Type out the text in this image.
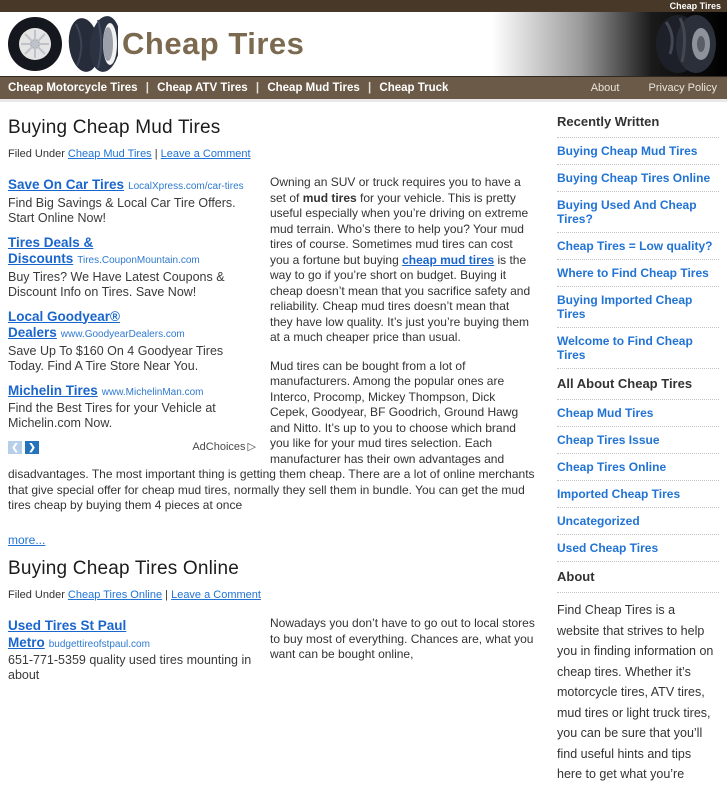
Cheap Tires
Cheap Tires
Cheap Motorcycle Tires | Cheap ATV Tires | Cheap Mud Tires | Cheap Truck	About	Privacy Policy
Buying Cheap Mud Tires
Filed Under Cheap Mud Tires | Leave a Comment
Save On Car Tires LocalXpress.com/car-tires
Find Big Savings & Local Car Tire Offers. Start Online Now!
Tires Deals & Discounts Tires.CouponMountain.com
Buy Tires? We Have Latest Coupons & Discount Info on Tires. Save Now!
Local Goodyear® Dealers www.GoodyearDealers.com
Save Up To $160 On 4 Goodyear Tires Today. Find A Tire Store Near You.
Michelin Tires www.MichelinMan.com
Find the Best Tires for your Vehicle at Michelin.com Now.
❮	❯	AdChoices ▷

Owning an SUV or truck requires you to have a set of mud tires for your vehicle. This is pretty useful especially when you’re driving on extreme mud terrain. Who’s there to help you? Your mud tires of course. Sometimes mud tires can cost you a fortune but buying cheap mud tires is the way to go if you’re short on budget. Buying it cheap doesn’t mean that you sacrifice safety and reliability. Cheap mud tires doesn’t mean that they have low quality. It’s just you’re buying them at a much cheaper price than usual.

Mud tires can be bought from a lot of manufacturers. Among the popular ones are Interco, Procomp, Mickey Thompson, Dick Cepek, Goodyear, BF Goodrich, Ground Hawg and Nitto. It’s up to you to choose which brand you like for your mud tires selection. Each manufacturer has their own advantages and disadvantages. The most important thing is getting them cheap. There are a lot of online merchants that give special offer for cheap mud tires, normally they sell them in bundle. You can get the mud tires cheap by buying them 4 pieces at once

more...
Buying Cheap Tires Online
Filed Under Cheap Tires Online | Leave a Comment
Used Tires St Paul Metro budgettireofstpaul.com
651-771-5359 quality used tires mounting in about

Nowadays you don’t have to go out to local stores to buy most of everything. Chances are, what you want can be bought online,

Recently Written
Buying Cheap Mud Tires
Buying Cheap Tires Online
Buying Used And Cheap Tires?
Cheap Tires = Low quality?
Where to Find Cheap Tires
Buying Imported Cheap Tires
Welcome to Find Cheap Tires
All About Cheap Tires
Cheap Mud Tires
Cheap Tires Issue
Cheap Tires Online
Imported Cheap Tires
Uncategorized
Used Cheap Tires
About

Find Cheap Tires is a website that strives to help you in finding information on cheap tires. Whether it’s motorcycle tires, ATV tires, mud tires or light truck tires, you can be sure that you’ll find useful hints and tips here to get what you’re
